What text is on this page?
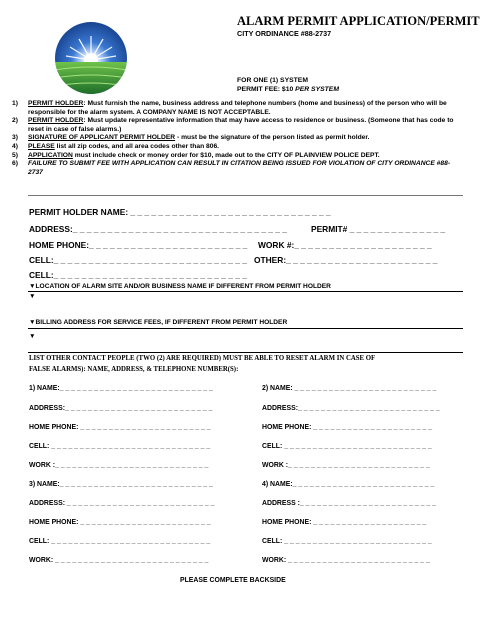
ALARM PERMIT APPLICATION/PERMIT
CITY ORDINANCE #88-2737
FOR ONE (1) SYSTEM
PERMIT FEE: $10 PER SYSTEM
1)	PERMIT HOLDER: Must furnish the name, business address and telephone numbers (home and business) of the person who will be responsible for the alarm system. A COMPANY NAME IS NOT ACCEPTABLE.
2)	PERMIT HOLDER: Must update representative information that may have access to residence or business. (Someone that has code to reset in case of false alarms.)
3)	SIGNATURE OF APPLICANT PERMIT HOLDER - must be the signature of the person listed as permit holder.
4)	PLEASE list all zip codes, and all area codes other than 806.
5)	APPLICATION must include check or money order for $10, made out to the CITY OF PLAINVIEW POLICE DEPT.
6)	FAILURE TO SUBMIT FEE WITH APPLICATION CAN RESULT IN CITATION BEING ISSUED FOR VIOLATION OF CITY ORDINANCE #88-2737
PERMIT HOLDER NAME: _ _ _ _ _ _ _ _ _ _ _ _ _ _ _ _ _ _ _ _ _ _ _ _ _ _ _ _ _
ADDRESS:_ _ _ _ _ _ _ _ _ _ _ _ _ _ _ _ _ _ _ _ _ _ _ _ _ _ _ _ _ _ _	PERMIT# _ _ _ _ _ _ _ _ _ _ _ _ _ _
HOME PHONE:_ _ _ _ _ _ _ _ _ _ _ _ _ _ _ _ _ _ _ _ _ _ _ WORK #:_ _ _ _ _ _ _ _ _ _ _ _ _ _ _ _ _ _ _ _
CELL:_ _ _ _ _ _ _ _ _ _ _ _ _ _ _ _ _ _ _ _ _ _ _ _ _ _ _ _ OTHER:_ _ _ _ _ _ _ _ _ _ _ _ _ _ _ _ _ _ _ _ _ _
CELL:_ _ _ _ _ _ _ _ _ _ _ _ _ _ _ _ _ _ _ _ _ _ _ _ _ _ _ _
▼LOCATION OF ALARM SITE AND/OR BUSINESS NAME IF DIFFERENT FROM PERMIT HOLDER
▼
▼BILLING ADDRESS FOR SERVICE FEES, IF DIFFERENT FROM PERMIT HOLDER
▼
LIST OTHER CONTACT PEOPLE (TWO (2) ARE REQUIRED) MUST BE ABLE TO RESET ALARM IN CASE OF
FALSE ALARMS): NAME, ADDRESS, & TELEPHONE NUMBER(S):
1) NAME:_ _ _ _ _ _ _ _ _ _ _ _ _ _ _ _ _ _ _ _ _ _ _ _ _ _ _
ADDRESS:_ _ _ _ _ _ _ _ _ _ _ _ _ _ _ _ _ _ _ _ _ _ _ _ _ _
HOME PHONE: _ _ _ _ _ _ _ _ _ _ _ _ _ _ _ _ _ _ _ _ _ _ _
CELL: _ _ _ _ _ _ _ _ _ _ _ _ _ _ _ _ _ _ _ _ _ _ _ _ _ _ _ _
WORK :_ _ _ _ _ _ _ _ _ _ _ _ _ _ _ _ _ _ _ _ _ _ _ _ _ _ _
3) NAME:_ _ _ _ _ _ _ _ _ _ _ _ _ _ _ _ _ _ _ _ _ _ _ _ _ _ _
ADDRESS: _ _ _ _ _ _ _ _ _ _ _ _ _ _ _ _ _ _ _ _ _ _ _ _ _ _
HOME PHONE: _ _ _ _ _ _ _ _ _ _ _ _ _ _ _ _ _ _ _ _ _ _ _
CELL: _ _ _ _ _ _ _ _ _ _ _ _ _ _ _ _ _ _ _ _ _ _ _ _ _ _ _ _
WORK: _ _ _ _ _ _ _ _ _ _ _ _ _ _ _ _ _ _ _ _ _ _ _ _ _ _ _
2) NAME: _ _ _ _ _ _ _ _ _ _ _ _ _ _ _ _ _ _ _ _ _ _ _ _ _
ADDRESS:_ _ _ _ _ _ _ _ _ _ _ _ _ _ _ _ _ _ _ _ _ _ _ _ _
HOME PHONE: _ _ _ _ _ _ _ _ _ _ _ _ _ _ _ _ _ _ _ _ _
CELL: _ _ _ _ _ _ _ _ _ _ _ _ _ _ _ _ _ _ _ _ _ _ _ _ _ _
WORK :_ _ _ _ _ _ _ _ _ _ _ _ _ _ _ _ _ _ _ _ _ _ _ _ _
4) NAME:_ _ _ _ _ _ _ _ _ _ _ _ _ _ _ _ _ _ _ _ _ _ _ _ _
ADDRESS :_ _ _ _ _ _ _ _ _ _ _ _ _ _ _ _ _ _ _ _ _ _ _ _
HOME PHONE: _ _ _ _ _ _ _ _ _ _ _ _ _ _ _ _ _ _ _ _
CELL: _ _ _ _ _ _ _ _ _ _ _ _ _ _ _ _ _ _ _ _ _ _ _ _ _ _
WORK: _ _ _ _ _ _ _ _ _ _ _ _ _ _ _ _ _ _ _ _ _ _ _ _ _
PLEASE COMPLETE BACKSIDE
